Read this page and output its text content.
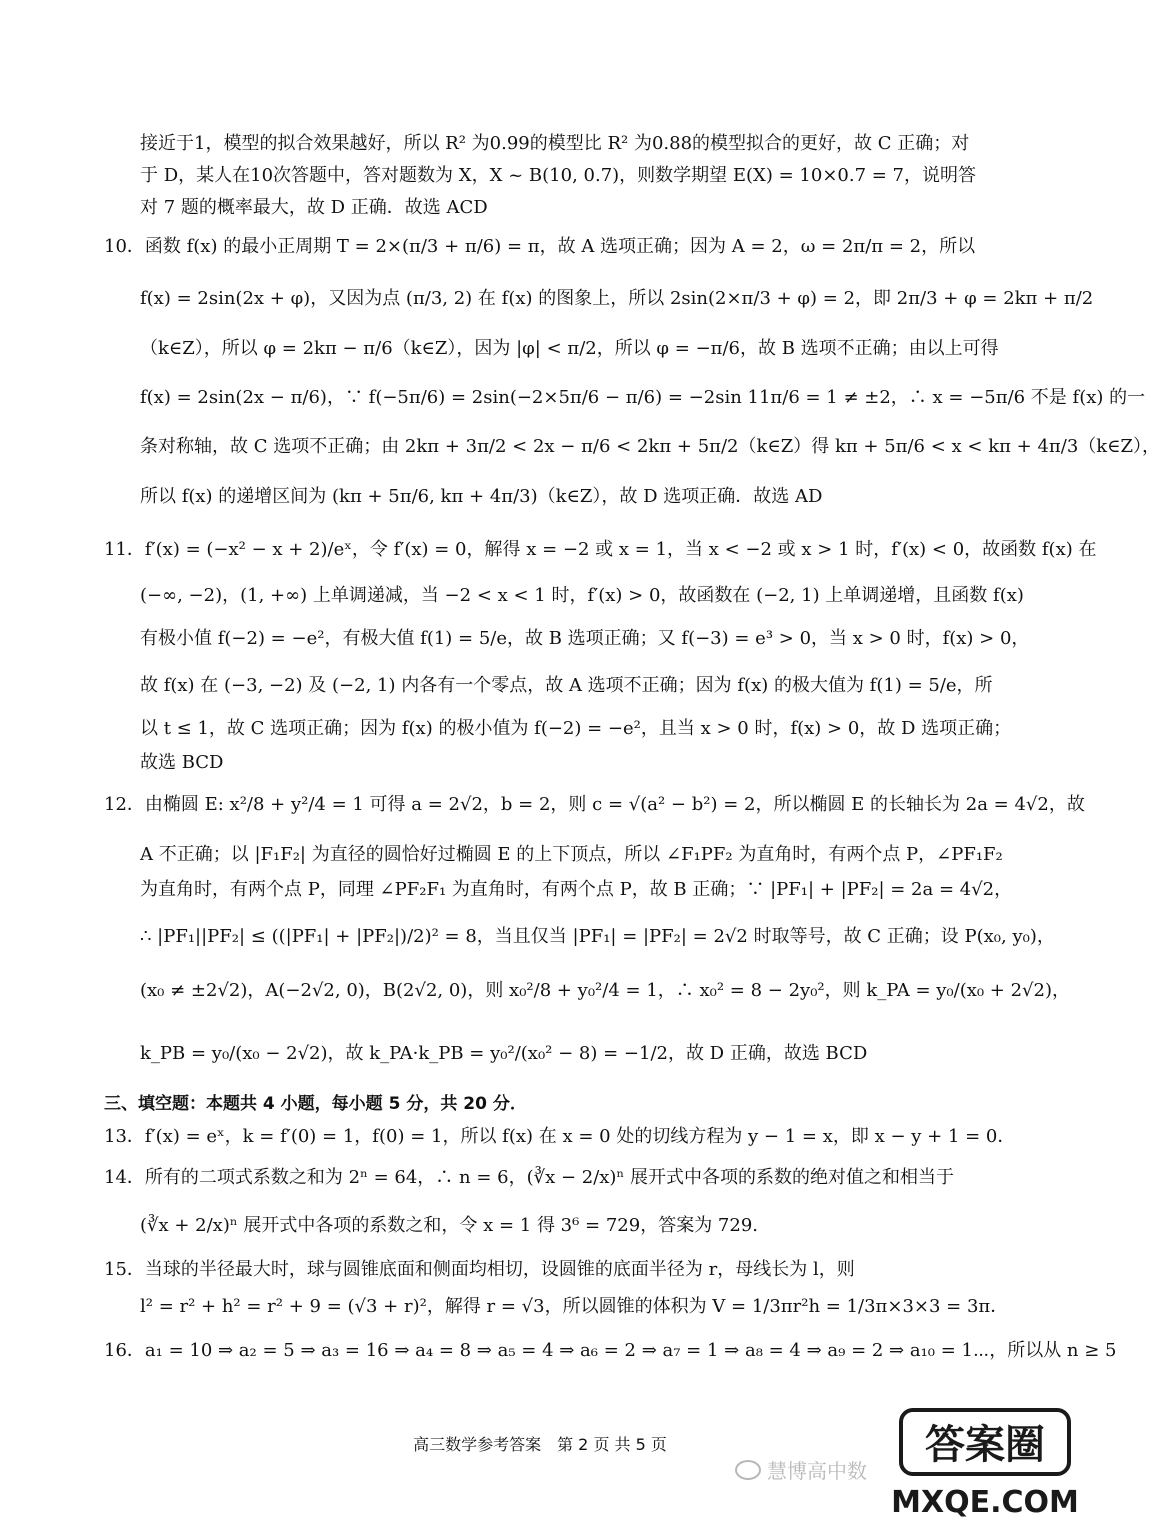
接近于1，模型的拟合效果越好，所以 R² 为0.99的模型比 R² 为0.88的模型拟合的更好，故 C 正确；对
于 D，某人在10次答题中，答对题数为 X，X ~ B(10, 0.7)，则数学期望 E(X) = 10×0.7 = 7，说明答
对 7 题的概率最大，故 D 正确．故选 ACD
10．函数 f(x) 的最小正周期 T = 2×(π/3 + π/6) = π，故 A 选项正确；因为 A = 2，ω = 2π/π = 2，所以
f(x) = 2sin(2x + φ)，又因为点 (π/3, 2) 在 f(x) 的图象上，所以 2sin(2×π/3 + φ) = 2，即 2π/3 + φ = 2kπ + π/2
（k∈Z），所以 φ = 2kπ − π/6（k∈Z），因为 |φ| < π/2，所以 φ = −π/6，故 B 选项不正确；由以上可得
f(x) = 2sin(2x − π/6)，∵ f(−5π/6) = 2sin(−2×5π/6 − π/6) = −2sin 11π/6 = 1 ≠ ±2，∴ x = −5π/6 不是 f(x) 的一
条对称轴，故 C 选项不正确；由 2kπ + 3π/2 < 2x − π/6 < 2kπ + 5π/2（k∈Z）得 kπ + 5π/6 < x < kπ + 4π/3（k∈Z），
所以 f(x) 的递增区间为 (kπ + 5π/6, kπ + 4π/3)（k∈Z），故 D 选项正确．故选 AD
11．f′(x) = (−x² − x + 2)/eˣ，令 f′(x) = 0，解得 x = −2 或 x = 1，当 x < −2 或 x > 1 时，f′(x) < 0，故函数 f(x) 在
(−∞, −2)，(1, +∞) 上单调递减，当 −2 < x < 1 时，f′(x) > 0，故函数在 (−2, 1) 上单调递增，且函数 f(x)
有极小值 f(−2) = −e²，有极大值 f(1) = 5/e，故 B 选项正确；又 f(−3) = e³ > 0，当 x > 0 时，f(x) > 0，
故 f(x) 在 (−3, −2) 及 (−2, 1) 内各有一个零点，故 A 选项不正确；因为 f(x) 的极大值为 f(1) = 5/e，所
以 t ≤ 1，故 C 选项正确；因为 f(x) 的极小值为 f(−2) = −e²，且当 x > 0 时，f(x) > 0，故 D 选项正确；
故选 BCD
12．由椭圆 E: x²/8 + y²/4 = 1 可得 a = 2√2，b = 2，则 c = √(a² − b²) = 2，所以椭圆 E 的长轴长为 2a = 4√2，故
A 不正确；以 |F₁F₂| 为直径的圆恰好过椭圆 E 的上下顶点，所以 ∠F₁PF₂ 为直角时，有两个点 P，∠PF₁F₂
为直角时，有两个点 P，同理 ∠PF₂F₁ 为直角时，有两个点 P，故 B 正确；∵ |PF₁| + |PF₂| = 2a = 4√2，
∴ |PF₁||PF₂| ≤ ((|PF₁| + |PF₂|)/2)² = 8，当且仅当 |PF₁| = |PF₂| = 2√2 时取等号，故 C 正确；设 P(x₀, y₀)，
(x₀ ≠ ±2√2)，A(−2√2, 0)，B(2√2, 0)，则 x₀²/8 + y₀²/4 = 1，∴ x₀² = 8 − 2y₀²，则 k_PA = y₀/(x₀ + 2√2)，
k_PB = y₀/(x₀ − 2√2)，故 k_PA·k_PB = y₀²/(x₀² − 8) = −1/2，故 D 正确，故选 BCD
三、填空题：本题共 4 小题，每小题 5 分，共 20 分．
13．f′(x) = eˣ，k = f′(0) = 1，f(0) = 1，所以 f(x) 在 x = 0 处的切线方程为 y − 1 = x，即 x − y + 1 = 0．
14．所有的二项式系数之和为 2ⁿ = 64，∴ n = 6，(∛x − 2/x)ⁿ 展开式中各项的系数的绝对值之和相当于
(∛x + 2/x)ⁿ 展开式中各项的系数之和，令 x = 1 得 3⁶ = 729，答案为 729.
15．当球的半径最大时，球与圆锥底面和侧面均相切，设圆锥的底面半径为 r，母线长为 l，则
l² = r² + h² = r² + 9 = (√3 + r)²，解得 r = √3，所以圆锥的体积为 V = 1/3πr²h = 1/3π×3×3 = 3π．
16．a₁ = 10 ⇒ a₂ = 5 ⇒ a₃ = 16 ⇒ a₄ = 8 ⇒ a₅ = 4 ⇒ a₆ = 2 ⇒ a₇ = 1 ⇒ a₈ = 4 ⇒ a₉ = 2 ⇒ a₁₀ = 1⋯，所以从 n ≥ 5
高三数学参考答案　第 2 页 共 5 页
慧博高中数
答案圈
MXQE.COM
